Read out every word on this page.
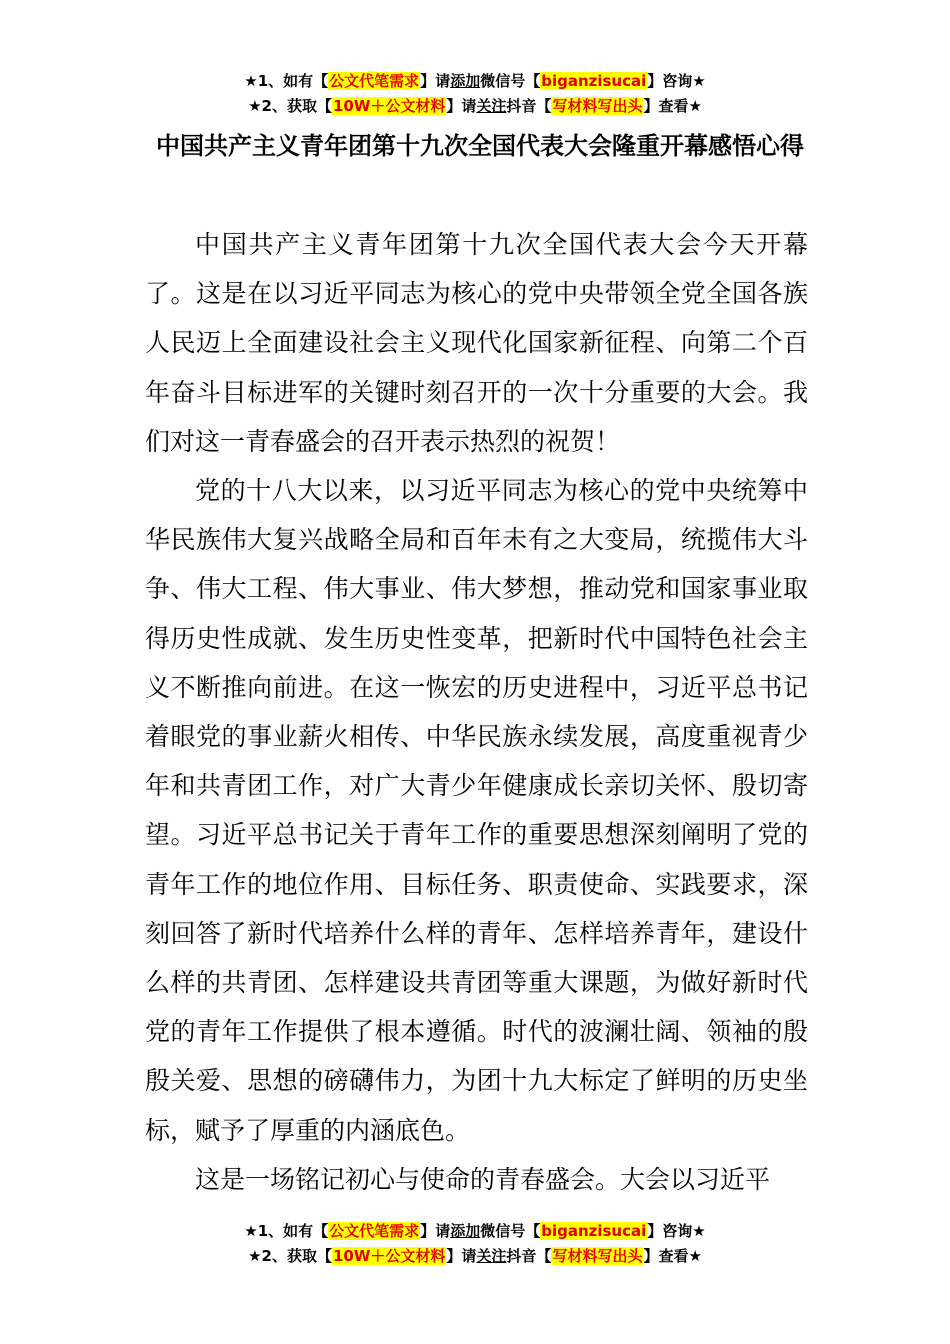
★1、如有【公文代笔需求】请添加微信号【biganzisucai】咨询★
★2、获取【10W＋公文材料】请关注抖音【写材料写出头】查看★
中国共产主义青年团第十九次全国代表大会隆重开幕感悟心得

中国共产主义青年团第十九次全国代表大会今天开幕了。这是在以习近平同志为核心的党中央带领全党全国各族人民迈上全面建设社会主义现代化国家新征程、向第二个百年奋斗目标进军的关键时刻召开的一次十分重要的大会。我们对这一青春盛会的召开表示热烈的祝贺！

党的十八大以来，以习近平同志为核心的党中央统筹中华民族伟大复兴战略全局和百年未有之大变局，统揽伟大斗争、伟大工程、伟大事业、伟大梦想，推动党和国家事业取得历史性成就、发生历史性变革，把新时代中国特色社会主义不断推向前进。在这一恢宏的历史进程中，习近平总书记着眼党的事业薪火相传、中华民族永续发展，高度重视青少年和共青团工作，对广大青少年健康成长亲切关怀、殷切寄望。习近平总书记关于青年工作的重要思想深刻阐明了党的青年工作的地位作用、目标任务、职责使命、实践要求，深刻回答了新时代培养什么样的青年、怎样培养青年，建设什么样的共青团、怎样建设共青团等重大课题，为做好新时代党的青年工作提供了根本遵循。时代的波澜壮阔、领袖的殷殷关爱、思想的磅礴伟力，为团十九大标定了鲜明的历史坐标，赋予了厚重的内涵底色。

这是一场铭记初心与使命的青春盛会。大会以习近平

★1、如有【公文代笔需求】请添加微信号【biganzisucai】咨询★
★2、获取【10W＋公文材料】请关注抖音【写材料写出头】查看★
